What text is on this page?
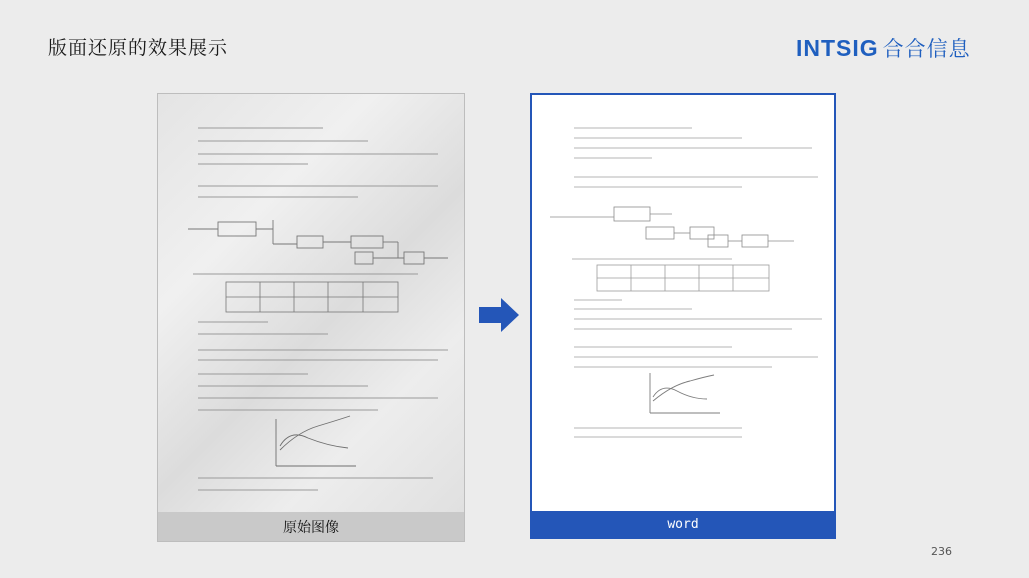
版面还原的效果展示	INTSIG 合合信息
原始图像	word
236
